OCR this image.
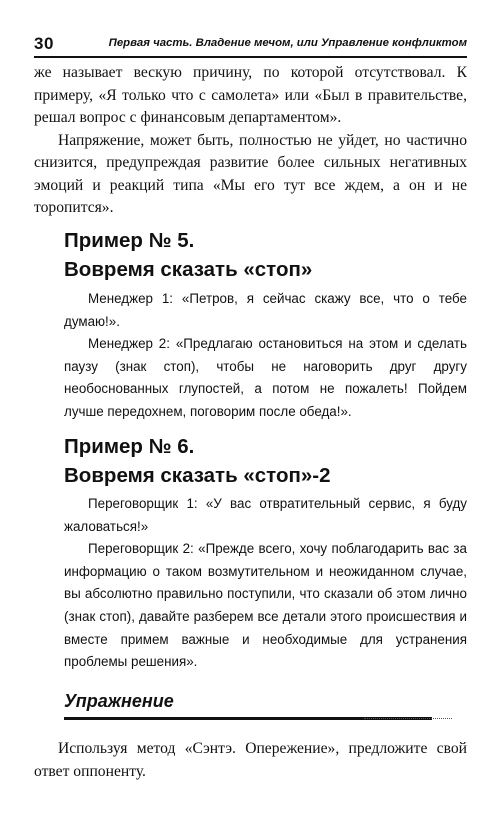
30	Первая часть. Владение мечом, или Управление конфликтом

же называет вескую причину, по которой отсутствовал. К примеру, «Я только что с самолета» или «Был в правительстве, решал вопрос с финансовым департаментом».

Напряжение, может быть, полностью не уйдет, но частично снизится, предупреждая развитие более сильных негативных эмоций и реакций типа «Мы его тут все ждем, а он и не торопится».

Пример № 5.
Вовремя сказать «стоп»

Менеджер 1: «Петров, я сейчас скажу все, что о тебе думаю!».

Менеджер 2: «Предлагаю остановиться на этом и сделать паузу (знак стоп), чтобы не наговорить друг другу необоснованных глупостей, а потом не пожалеть! Пойдем лучше передохнем, поговорим после обеда!».

Пример № 6.
Вовремя сказать «стоп»-2

Переговорщик 1: «У вас отвратительный сервис, я буду жаловаться!»

Переговорщик 2: «Прежде всего, хочу поблагодарить вас за информацию о таком возмутительном и неожиданном случае, вы абсолютно правильно поступили, что сказали об этом лично (знак стоп), давайте разберем все детали этого происшествия и вместе примем важные и необходимые для устранения проблемы решения».

Упражнение

Используя метод «Сэнтэ. Опережение», предложите свой ответ оппоненту.
